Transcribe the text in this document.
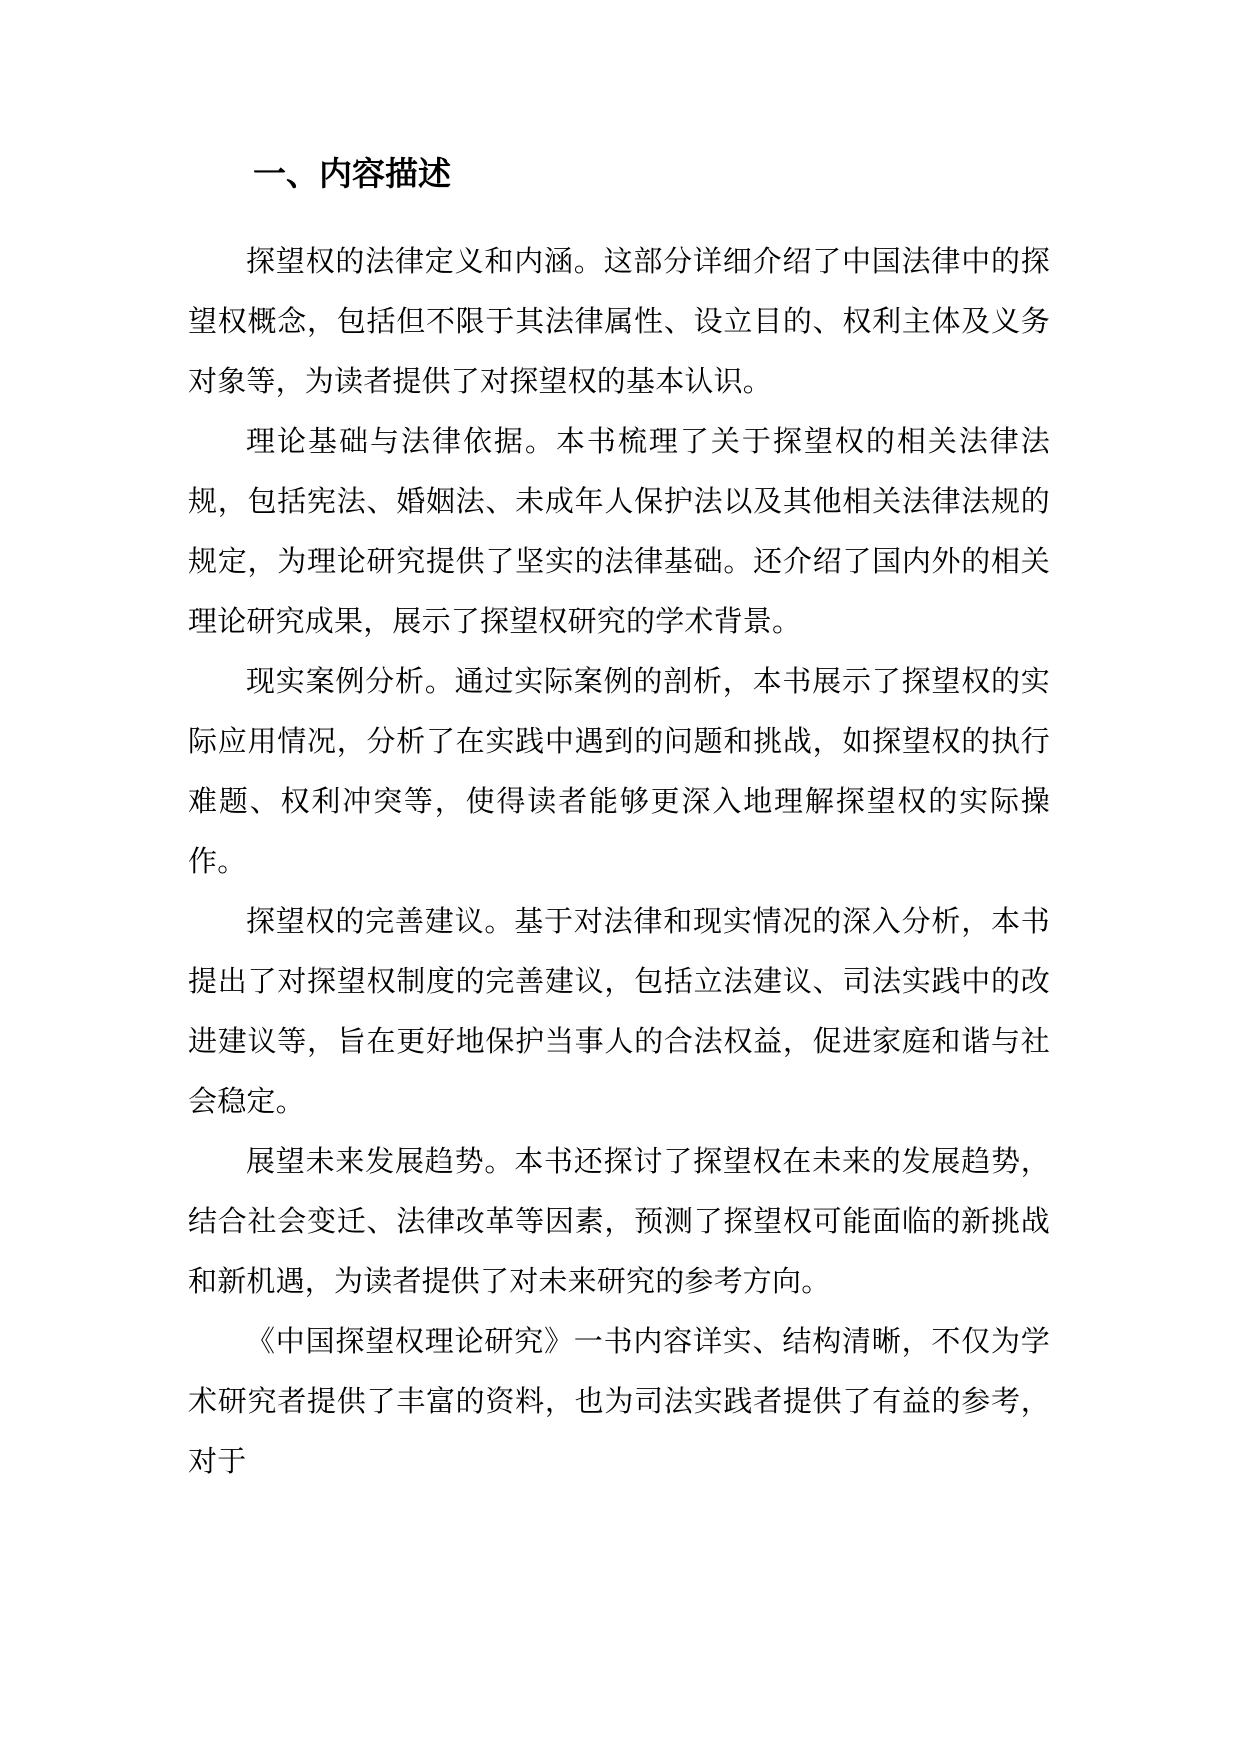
一、内容描述

探望权的法律定义和内涵。这部分详细介绍了中国法律中的探望权概念，包括但不限于其法律属性、设立目的、权利主体及义务对象等，为读者提供了对探望权的基本认识。

理论基础与法律依据。本书梳理了关于探望权的相关法律法规，包括宪法、婚姻法、未成年人保护法以及其他相关法律法规的规定，为理论研究提供了坚实的法律基础。还介绍了国内外的相关理论研究成果，展示了探望权研究的学术背景。

现实案例分析。通过实际案例的剖析，本书展示了探望权的实际应用情况，分析了在实践中遇到的问题和挑战，如探望权的执行难题、权利冲突等，使得读者能够更深入地理解探望权的实际操作。

探望权的完善建议。基于对法律和现实情况的深入分析，本书提出了对探望权制度的完善建议，包括立法建议、司法实践中的改进建议等，旨在更好地保护当事人的合法权益，促进家庭和谐与社会稳定。

展望未来发展趋势。本书还探讨了探望权在未来的发展趋势，结合社会变迁、法律改革等因素，预测了探望权可能面临的新挑战和新机遇，为读者提供了对未来研究的参考方向。

《中国探望权理论研究》一书内容详实、结构清晰，不仅为学术研究者提供了丰富的资料，也为司法实践者提供了有益的参考，对于
